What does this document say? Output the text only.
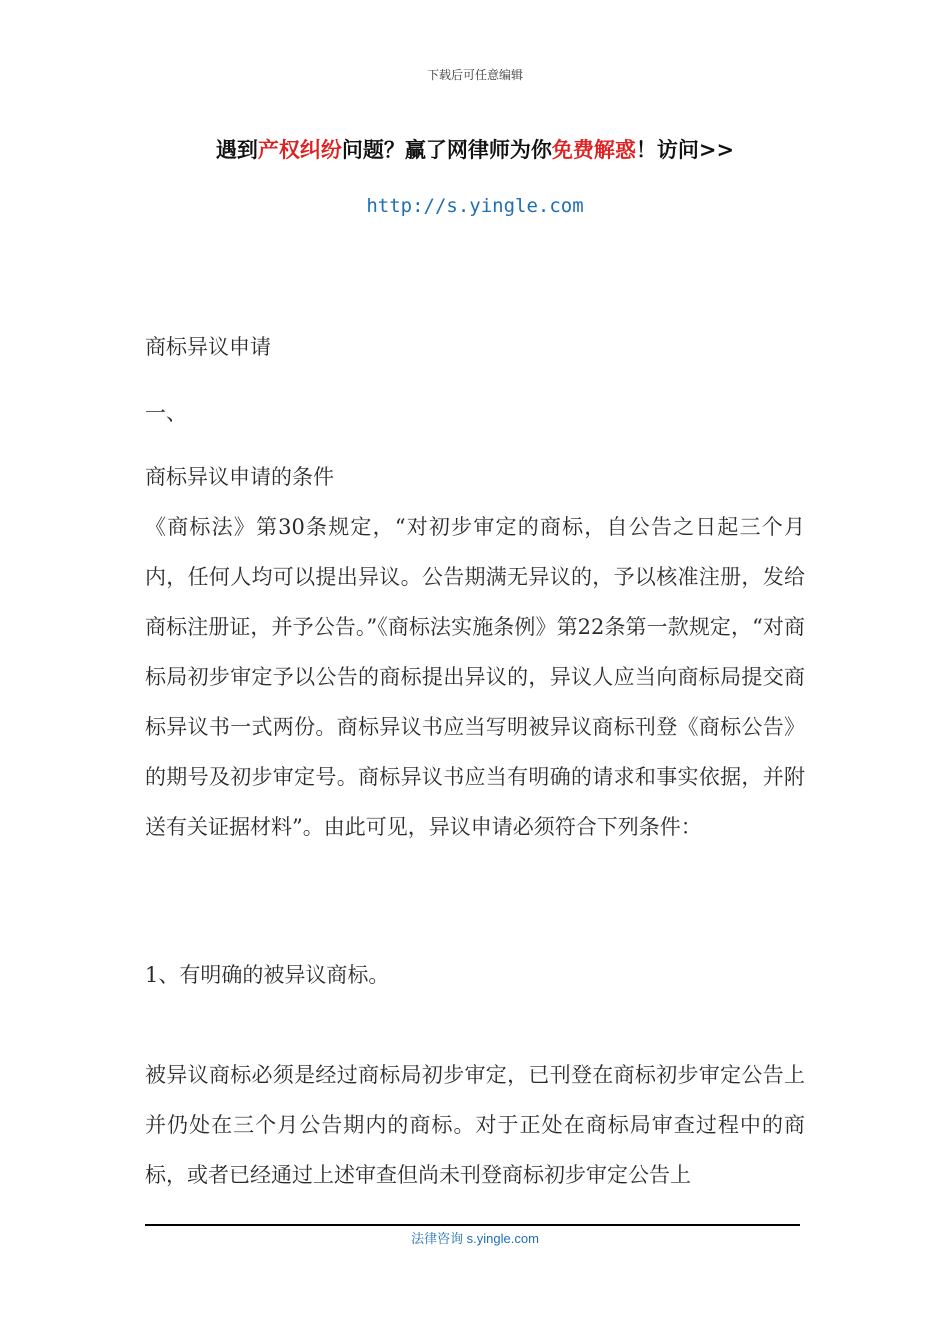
下载后可任意编辑
遇到产权纠纷问题？赢了网律师为你免费解惑！访问>>
http://s.yingle.com

商标异议申请

一、

商标异议申请的条件

《商标法》第30条规定，“对初步审定的商标，自公告之日起三个月内，任何人均可以提出异议。公告期满无异议的，予以核准注册，发给商标注册证，并予公告。”《商标法实施条例》第22条第一款规定，“对商标局初步审定予以公告的商标提出异议的，异议人应当向商标局提交商标异议书一式两份。商标异议书应当写明被异议商标刊登《商标公告》的期号及初步审定号。商标异议书应当有明确的请求和事实依据，并附送有关证据材料”。由此可见，异议申请必须符合下列条件：

1、有明确的被异议商标。

被异议商标必须是经过商标局初步审定，已刊登在商标初步审定公告上并仍处在三个月公告期内的商标。对于正处在商标局审查过程中的商标，或者已经通过上述审查但尚未刊登商标初步审定公告上

法律咨询 s.yingle.com
